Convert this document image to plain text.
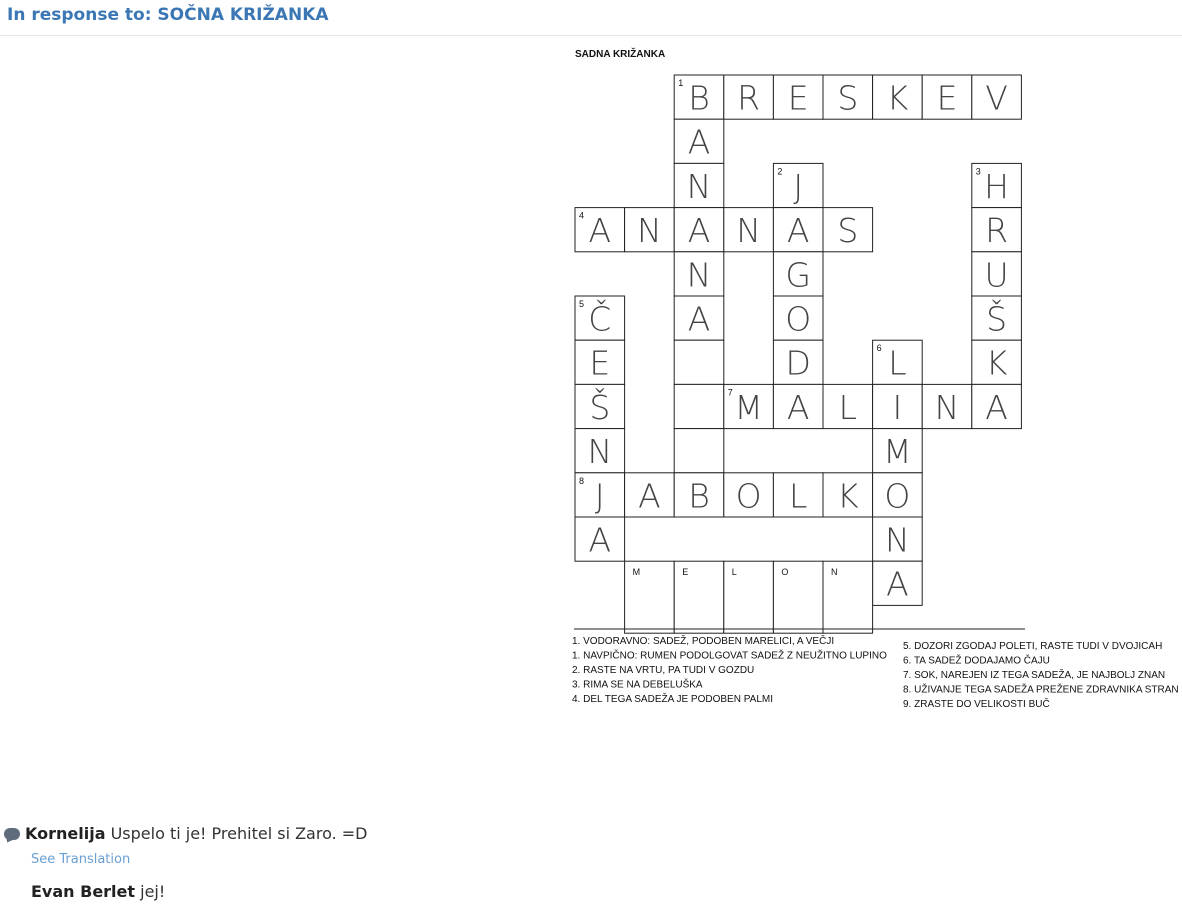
In response to: SOČNA KRIŽANKA
SADNA KRIŽANKA
1 B R E S K E V
A
N	2 J	3 H
4 A N A N A S	R
N G	U
5 Č A O	Š
E	D	6 L K
Š	7 M A L I N A
N	M
8 J A B O L K O
A	N
A
M	E	L	O	N
1. VODORAVNO: SADEŽ, PODOBEN MARELICI, A VEČJI
1. NAVPIČNO: RUMEN PODOLGOVAT SADEŽ Z NEUŽITNO LUPINO
2. RASTE NA VRTU, PA TUDI V GOZDU
3. RIMA SE NA DEBELUŠKA
4. DEL TEGA SADEŽA JE PODOBEN PALMI
5. DOZORI ZGODAJ POLETI, RASTE TUDI V DVOJICAH
6. TA SADEŽ DODAJAMO ČAJU
7. SOK, NAREJEN IZ TEGA SADEŽA, JE NAJBOLJ ZNAN
8. UŽIVANJE TEGA SADEŽA PREŽENE ZDRAVNIKA STRAN
9. ZRASTE DO VELIKOSTI BUČ
Kornelija Uspelo ti je! Prehitel si Zaro. =D
See Translation
Evan Berlet jej!
